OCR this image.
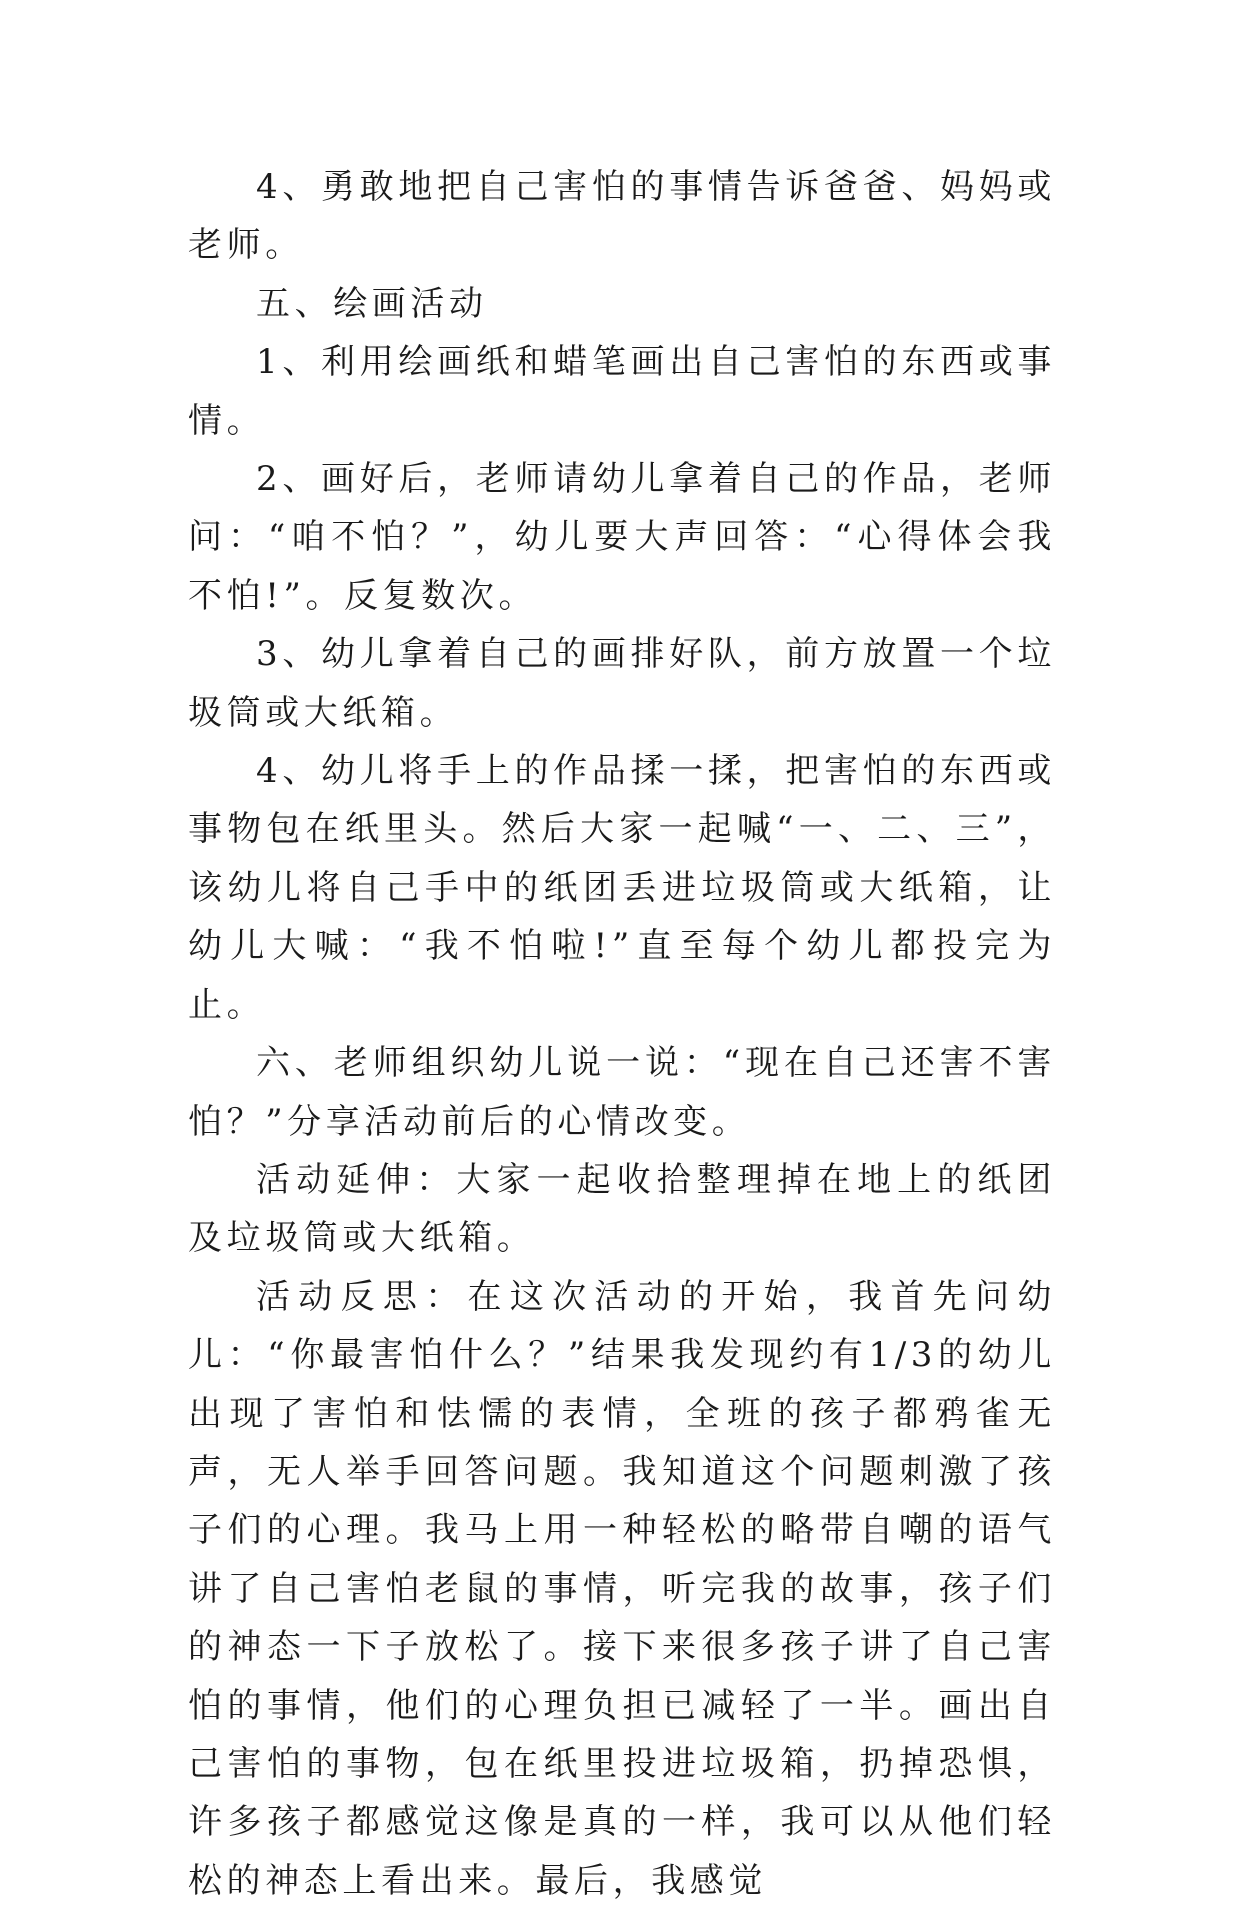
4、勇敢地把自己害怕的事情告诉爸爸、妈妈或老师。

五、绘画活动

1、利用绘画纸和蜡笔画出自己害怕的东西或事情。

2、画好后，老师请幼儿拿着自己的作品，老师问：“咱不怕？”，幼儿要大声回答：“心得体会我不怕!”。反复数次。

3、幼儿拿着自己的画排好队，前方放置一个垃圾筒或大纸箱。

4、幼儿将手上的作品揉一揉，把害怕的东西或事物包在纸里头。然后大家一起喊“一、二、三”，该幼儿将自己手中的纸团丢进垃圾筒或大纸箱，让幼儿大喊：“我不怕啦!”直至每个幼儿都投完为止。

六、老师组织幼儿说一说：“现在自己还害不害怕？”分享活动前后的心情改变。

活动延伸：大家一起收拾整理掉在地上的纸团及垃圾筒或大纸箱。

活动反思：在这次活动的开始，我首先问幼儿：“你最害怕什么？”结果我发现约有1/3的幼儿出现了害怕和怯懦的表情，全班的孩子都鸦雀无声，无人举手回答问题。我知道这个问题刺激了孩子们的心理。我马上用一种轻松的略带自嘲的语气讲了自己害怕老鼠的事情，听完我的故事，孩子们的神态一下子放松了。接下来很多孩子讲了自己害怕的事情，他们的心理负担已减轻了一半。画出自己害怕的事物，包在纸里投进垃圾箱，扔掉恐惧，许多孩子都感觉这像是真的一样，我可以从他们轻松的神态上看出来。最后，我感觉
